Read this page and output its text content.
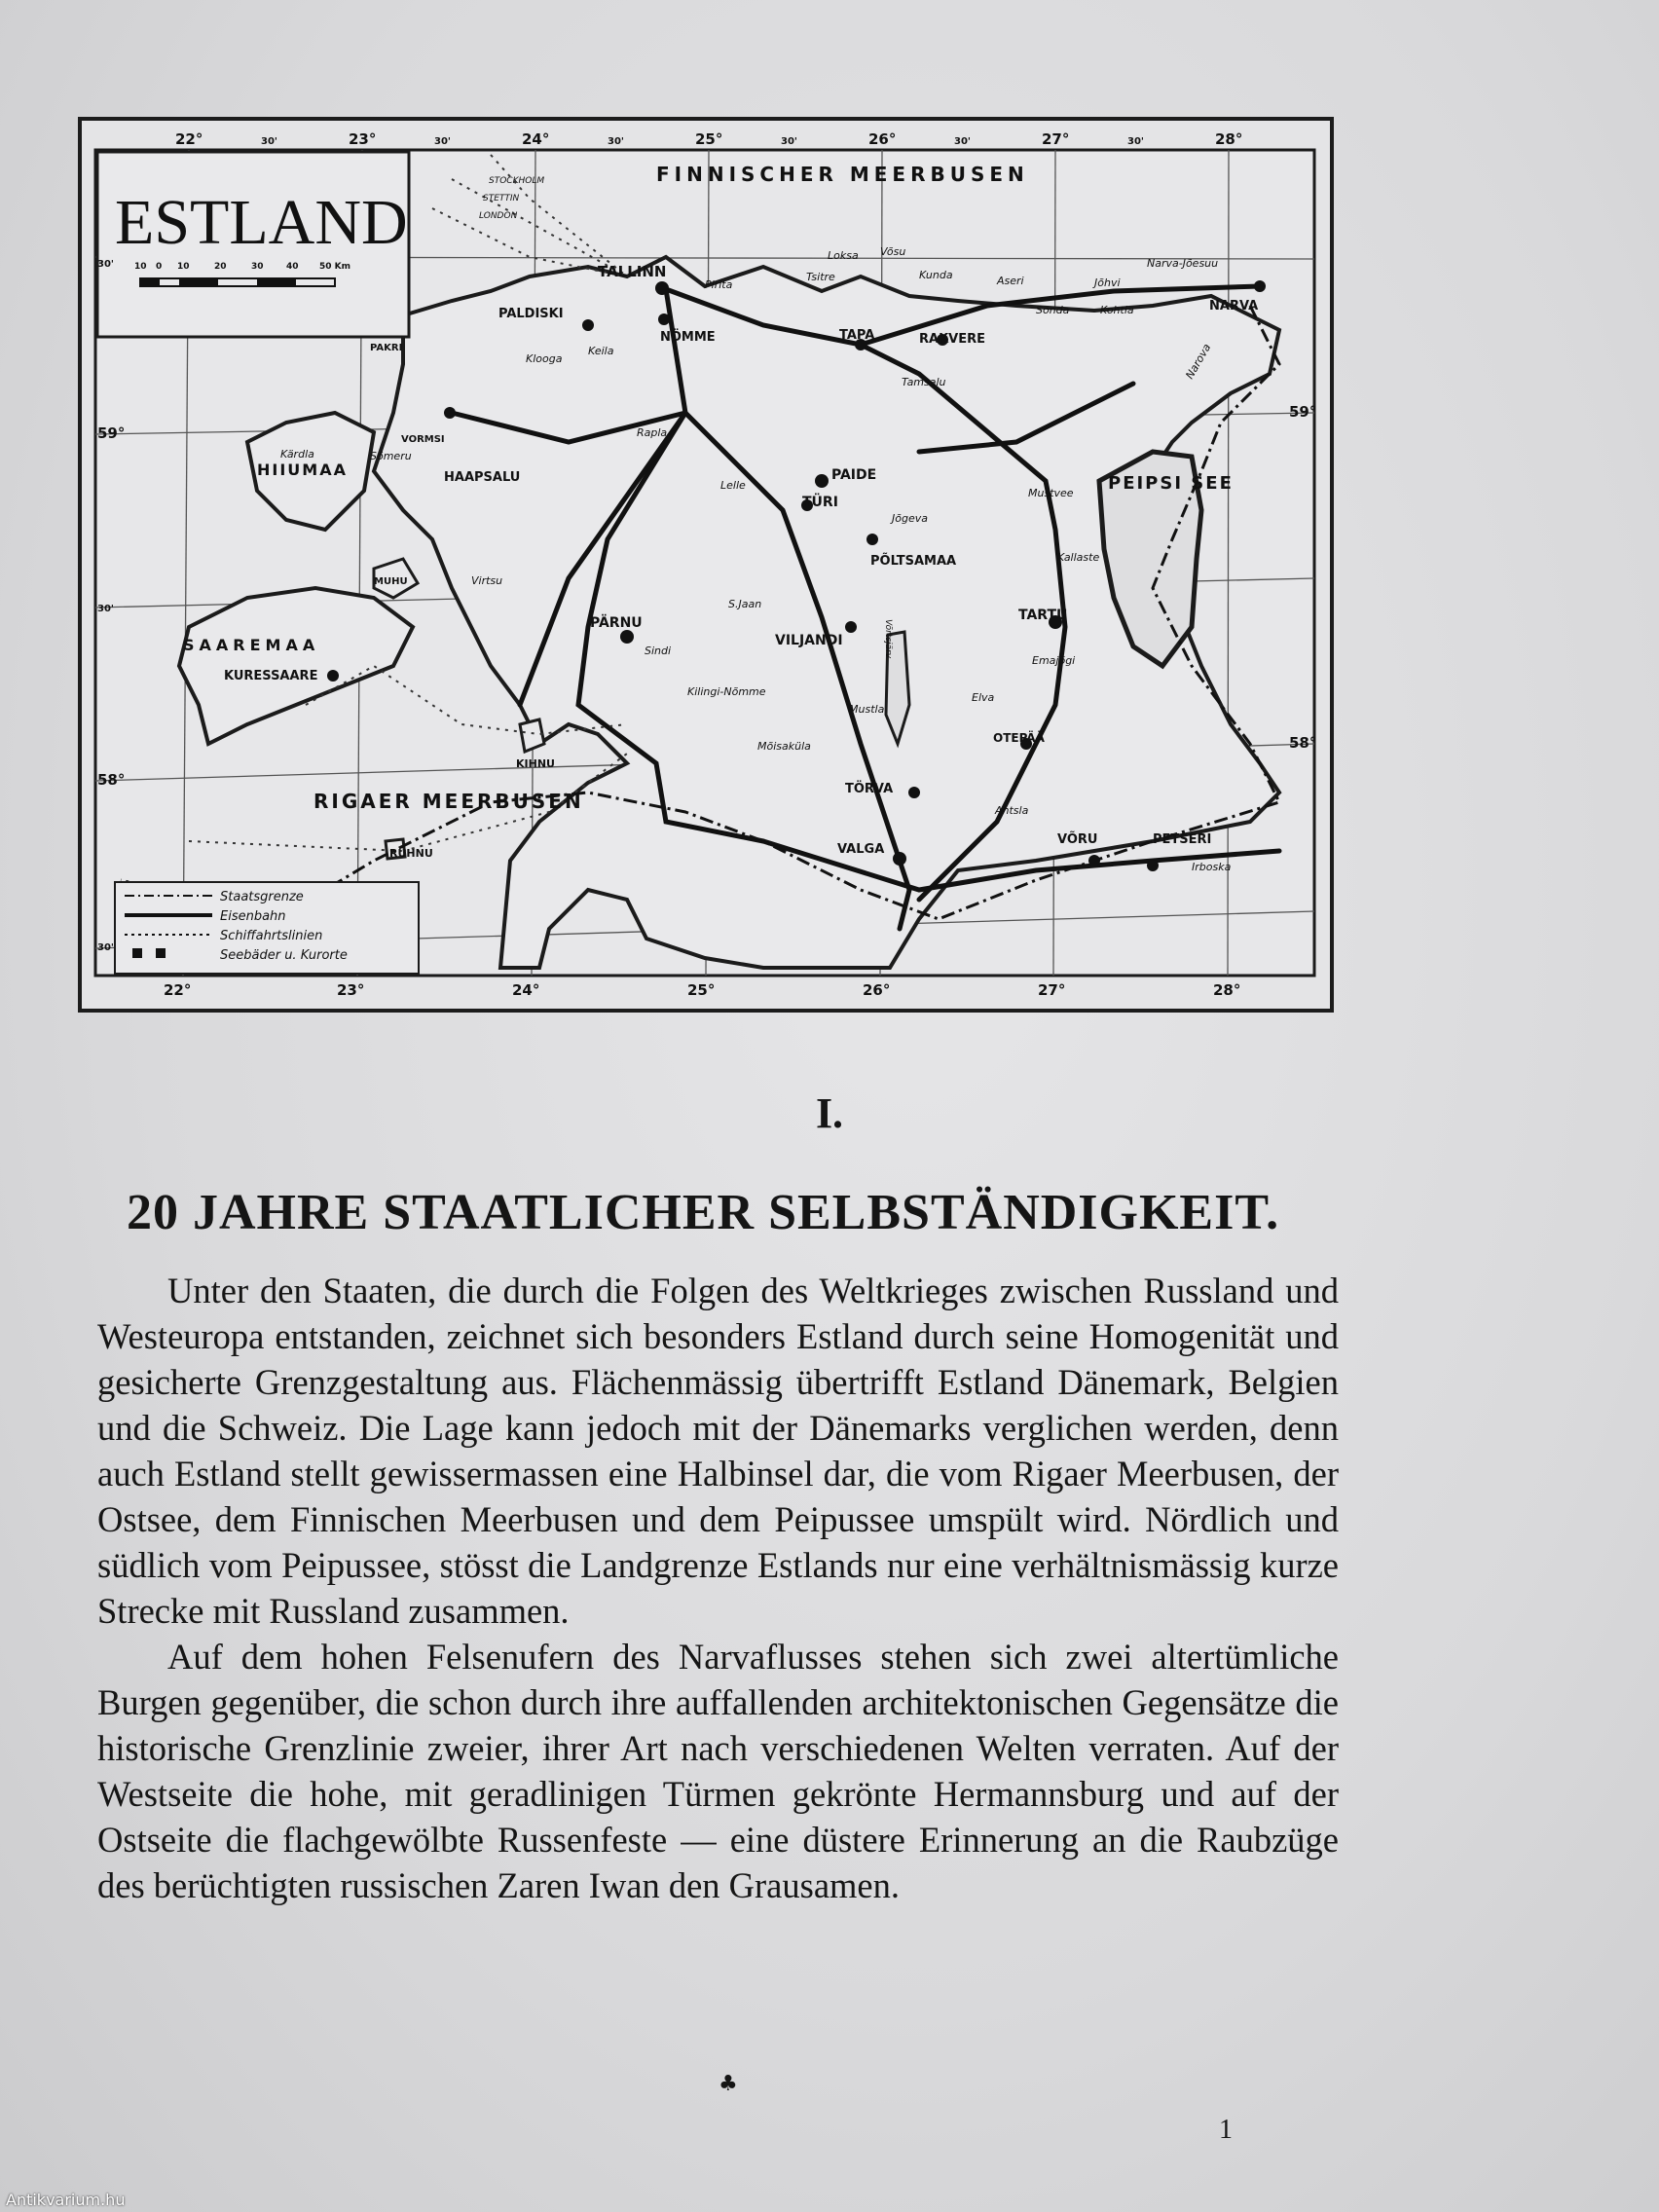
ESTLAND
10 0 10	20	30	40 50 Km
22°	23°	24°	25°	26°	27°	28°
22°	23°	24°	25°	26°	27°	28°
59°
58°
59°
58°
30'	30'	30'	30'	30'	30'
30'
30'
30'
FINNISCHER MEERBUSEN
RIGAER MEERBUSEN
PEIPSI SEE
STOCKHOLM
STETTIN
LONDON
SAAREMAA
HIIUMAA
KIHNU
RUHNU
MUHU
VORMSI
PAKRI
TALLINN
NÖMME
PALDISKI
HAAPSALU
PÄRNU
KURESSAARE
TAPA	RAKVERE
NARVA
PAIDE
TÜRI
VILJANDI
PÕLTSAMAA
TARTU
VALGA
TÖRVA
VÕRU	PETSERI
OTEPÄÄ
Pirita
Loksa Võsu
Tsitre	Kunda	Aseri
Narva-Jõesuu
Jõhvi
Kohtla
Sonda
Keila
Klooga
Tamsalu
Rapla
Lelle
Jõgeva
Mustvee
Kallaste
Kärdla	Sõmeru
Virtsu
Sindi
S.Jaan
Kilingi-Nõmme
Mõisaküla
Mustla
Elva
Emajõgi
Antsla
Irboska
Narova
Võrtsjärv
Staatsgrenze
Eisenbahn
Schiffahrtslinien
Seebäder u. Kurorte
I.
20 JAHRE STAATLICHER SELBSTÄNDIGKEIT.

Unter den Staaten, die durch die Folgen des Weltkrieges zwischen Russland und Westeuropa entstanden, zeichnet sich besonders Estland durch seine Homogenität und gesicherte Grenzgestaltung aus. Flächenmässig übertrifft Estland Dänemark, Belgien und die Schweiz. Die Lage kann jedoch mit der Dänemarks verglichen werden, denn auch Estland stellt gewissermassen eine Halbinsel dar, die vom Rigaer Meerbusen, der Ostsee, dem Finnischen Meerbusen und dem Peipussee umspült wird. Nördlich und südlich vom Peipussee, stösst die Landgrenze Estlands nur eine verhältnismässig kurze Strecke mit Russland zusammen.

Auf dem hohen Felsenufern des Narvaflusses stehen sich zwei altertümliche Burgen gegenüber, die schon durch ihre auffallenden architektonischen Gegensätze die historische Grenzlinie zweier, ihrer Art nach verschiedenen Welten verraten. Auf der Westseite die hohe, mit geradlinigen Türmen gekrönte Hermannsburg und auf der Ostseite die flachgewölbte Russenfeste — eine düstere Erinnerung an die Raubzüge des berüchtigten russischen Zaren Iwan den Grausamen.

♣
1
Antikvarium.hu
